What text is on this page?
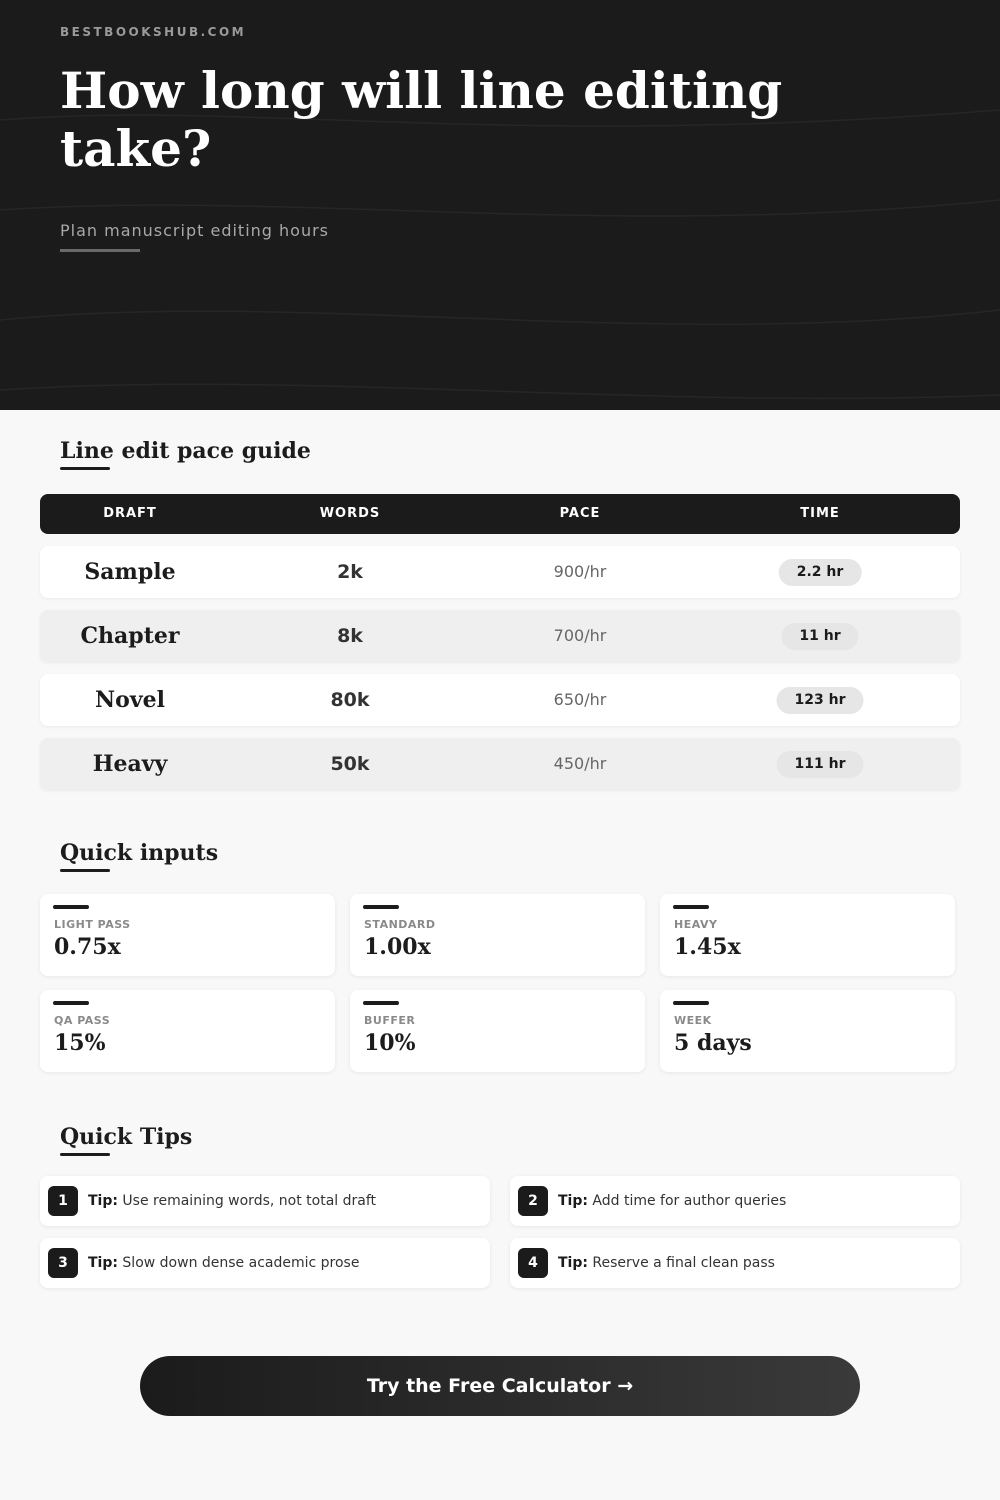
BESTBOOKSHUB.COM
How long will line editing take?
Plan manuscript editing hours
Line edit pace guide
DRAFT	WORDS	PACE	TIME
Sample	2k	900/hr	2.2 hr
Chapter	8k	700/hr	11 hr
Novel	80k	650/hr	123 hr
Heavy	50k	450/hr	111 hr
Quick inputs
LIGHT PASS
0.75x
STANDARD
1.00x
HEAVY
1.45x
QA PASS
15%
BUFFER
10%
WEEK
5 days
Quick Tips
1	Tip: Use remaining words, not total draft	2	Tip: Add time for author queries
3	Tip: Slow down dense academic prose	4	Tip: Reserve a final clean pass
Try the Free Calculator →
